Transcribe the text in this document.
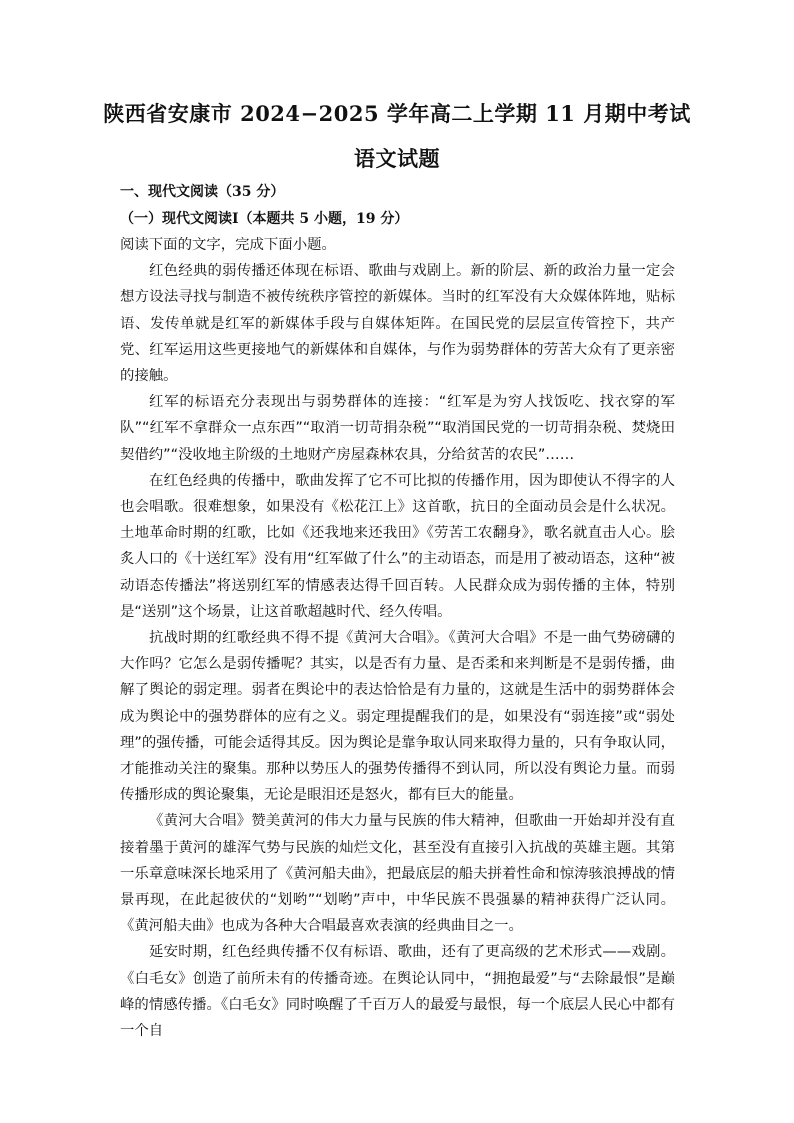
陕西省安康市 2024−2025 学年高二上学期 11 月期中考试
语文试题
一、现代文阅读（35 分）
（一）现代文阅读Ⅰ（本题共 5 小题，19 分）

阅读下面的文字，完成下面小题。

红色经典的弱传播还体现在标语、歌曲与戏剧上。新的阶层、新的政治力量一定会想方设法寻找与制造不被传统秩序管控的新媒体。当时的红军没有大众媒体阵地，贴标语、发传单就是红军的新媒体手段与自媒体矩阵。在国民党的层层宣传管控下，共产党、红军运用这些更接地气的新媒体和自媒体，与作为弱势群体的劳苦大众有了更亲密的接触。

红军的标语充分表现出与弱势群体的连接：“红军是为穷人找饭吃、找衣穿的军队”“红军不拿群众一点东西”“取消一切苛捐杂税”“取消国民党的一切苛捐杂税、焚烧田契借约”“没收地主阶级的土地财产房屋森林农具，分给贫苦的农民”……

在红色经典的传播中，歌曲发挥了它不可比拟的传播作用，因为即使认不得字的人也会唱歌。很难想象，如果没有《松花江上》这首歌，抗日的全面动员会是什么状况。土地革命时期的红歌，比如《还我地来还我田》《劳苦工农翻身》，歌名就直击人心。脍炙人口的《十送红军》没有用“红军做了什么”的主动语态，而是用了被动语态，这种“被动语态传播法”将送别红军的情感表达得千回百转。人民群众成为弱传播的主体，特别是“送别”这个场景，让这首歌超越时代、经久传唱。

抗战时期的红歌经典不得不提《黄河大合唱》。《黄河大合唱》不是一曲气势磅礴的大作吗？它怎么是弱传播呢？其实，以是否有力量、是否柔和来判断是不是弱传播，曲解了舆论的弱定理。弱者在舆论中的表达恰恰是有力量的，这就是生活中的弱势群体会成为舆论中的强势群体的应有之义。弱定理提醒我们的是，如果没有“弱连接”或“弱处理”的强传播，可能会适得其反。因为舆论是靠争取认同来取得力量的，只有争取认同，才能推动关注的聚集。那种以势压人的强势传播得不到认同，所以没有舆论力量。而弱传播形成的舆论聚集，无论是眼泪还是怒火，都有巨大的能量。

《黄河大合唱》赞美黄河的伟大力量与民族的伟大精神，但歌曲一开始却并没有直接着墨于黄河的雄浑气势与民族的灿烂文化，甚至没有直接引入抗战的英雄主题。其第一乐章意味深长地采用了《黄河船夫曲》，把最底层的船夫拼着性命和惊涛骇浪搏战的情景再现，在此起彼伏的“划哟”“划哟”声中，中华民族不畏强暴的精神获得广泛认同。《黄河船夫曲》也成为各种大合唱最喜欢表演的经典曲目之一。

延安时期，红色经典传播不仅有标语、歌曲，还有了更高级的艺术形式——戏剧。《白毛女》创造了前所未有的传播奇迹。在舆论认同中，“拥抱最爱”与“去除最恨”是巅峰的情感传播。《白毛女》同时唤醒了千百万人的最爱与最恨，每一个底层人民心中都有一个自
